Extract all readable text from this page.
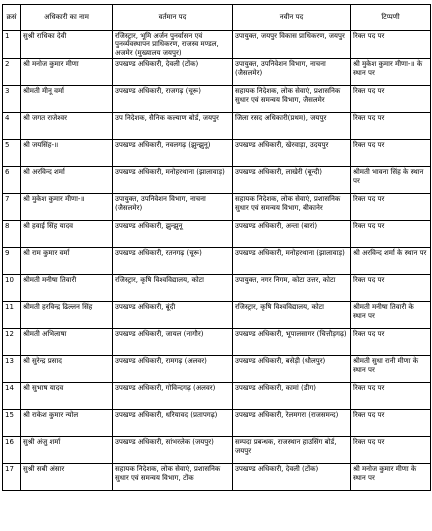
क्रसं	अधिकारी का नाम	वर्तमान पद	नवीन पद	टिप्पणी
1	सुश्री राधिका देवी	रजिस्ट्रार, भूमि अर्जन पुनर्वासन एवं पुनर्व्यवस्थापन प्राधिकरण, राजस्व मण्डल, अजमेर (मुख्यालय जयपुर)	उपायुक्त, जयपुर विकास प्राधिकरण, जयपुर	रिक्त पद पर
2	श्री मनोज कुमार मीणा	उपखण्ड अधिकारी, देवली (टोंक)	उपायुक्त, उपनिवेशन विभाग, नाचना (जैसलमेर)	श्री मुकेश कुमार मीणा-॥ के स्थान पर
3	श्रीमती मीनू वर्मा	उपखण्ड अधिकारी, राजगढ़ (चूरू)	सहायक निदेशक, लोक सेवाएं, प्रशासनिक सुधार एवं समन्वय विभाग, जैसलमेर	रिक्त पद पर
4	श्री जगत राजेश्वर	उप निदेशक, सैनिक कल्याण बोर्ड, जयपुर	जिला रसद अधिकारी(प्रथम), जयपुर	रिक्त पद पर
5	श्री जयसिंह-॥	उपखण्ड अधिकारी, नवलगढ़ (झुन्झुनू)	उपखण्ड अधिकारी, खेरवाड़ा, उदयपुर	रिक्त पद पर
6	श्री अरविन्द शर्मा	उपखण्ड अधिकारी, मनोहरथाना (झालावाड़)	उपखण्ड अधिकारी, लाखेरी (बून्दी)	श्रीमती भावना सिंह के स्थान पर
7	श्री मुकेश कुमार मीणा-॥	उपायुक्त, उपनिवेशन विभाग, नाचना (जैसलमेर)	सहायक निदेशक, लोक सेवाएं, प्रशासनिक सुधार एवं समन्वय विभाग, बीकानेर	रिक्त पद पर
8	श्री हवाई सिंह यादव	उपखण्ड अधिकारी, झुन्झुनू	उपखण्ड अधिकारी, अन्ता (बारां)	रिक्त पद पर
9	श्री राम कुमार वर्मा	उपखण्ड अधिकारी, रतनगढ़ (चूरू)	उपखण्ड अधिकारी, मनोहरथाना (झालावाड़)	श्री अरविन्द शर्मा के स्थान पर
10	श्रीमती मनीषा तिवारी	रजिस्ट्रार, कृषि विश्वविद्यालय, कोटा	उपायुक्त, नगर निगम, कोटा उत्तर, कोटा	रिक्त पद पर
11	श्रीमती हरविन्द्र ढिल्लन सिंह	उपखण्ड अधिकारी, बूंदी	रजिस्ट्रार, कृषि विश्वविद्यालय, कोटा	श्रीमती मनीषा तिवारी के स्थान पर
12	श्रीमती अभिलाषा	उपखण्ड अधिकारी, जायल (नागौर)	उपखण्ड अधिकारी, भूपालसागर (चित्तौड़गढ़)	रिक्त पद पर
13	श्री सुरेन्द्र प्रसाद	उपखण्ड अधिकारी, रामगढ़ (अलवर)	उपखण्ड अधिकारी, बसेड़ी (धौलपुर)	श्रीमती सुधा रानी मीणा के स्थान पर
14	श्री सुभाष यादव	उपखण्ड अधिकारी, गोविन्दगढ़ (अलवर)	उपखण्ड अधिकारी, कामां (डीग)	रिक्त पद पर
15	श्री राकेश कुमार न्योल	उपखण्ड अधिकारी, धरियावद (प्रतापगढ़)	उपखण्ड अधिकारी, रेलमगरा (राजसमन्द)	रिक्त पद पर
16	सुश्री अंजु शर्मा	उपखण्ड अधिकारी, सांभरलेक (जयपुर)	सम्पदा प्रबन्धक, राजस्थान हाउसिंग बोर्ड, जयपुर	रिक्त पद पर
17	सुश्री सबी अंसार	सहायक निदेशक, लोक सेवाएं, प्रशासनिक सुधार एवं समन्वय विभाग, टोंक	उपखण्ड अधिकारी, देवली (टोंक)	श्री मनोज कुमार मीणा के स्थान पर
